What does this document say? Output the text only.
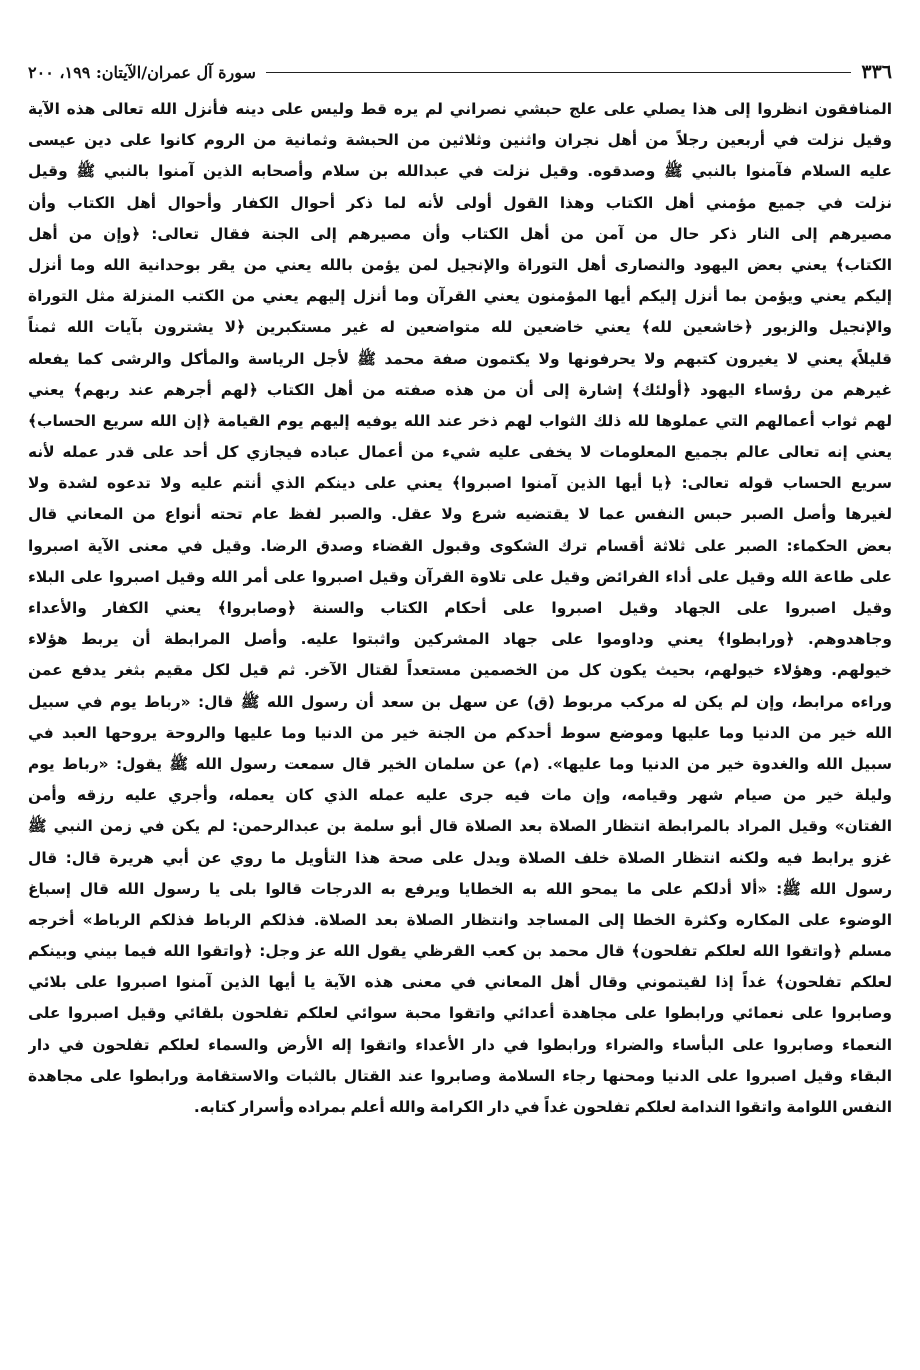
٣٣٦
سورة آل عمران/الآيتان: ١٩٩، ٢٠٠
المنافقون انظروا إلى هذا يصلي على علج حبشي نصراني لم يره قط وليس على دينه فأنزل الله تعالى هذه الآية
وقيل نزلت في أربعين رجلاً من أهل نجران واثنين وثلاثين من الحبشة وثمانية من الروم كانوا على دين عيسى
عليه السلام فآمنوا بالنبي ﷺ وصدقوه. وقيل نزلت في عبدالله بن سلام وأصحابه الذين آمنوا بالنبي ﷺ وقيل
نزلت في جميع مؤمني أهل الكتاب وهذا القول أولى لأنه لما ذكر أحوال الكفار وأحوال أهل الكتاب وأن
مصيرهم إلى النار ذكر حال من آمن من أهل الكتاب وأن مصيرهم إلى الجنة فقال تعالى: ﴿وإن من أهل
الكتاب﴾ يعني بعض اليهود والنصارى أهل التوراة والإنجيل لمن يؤمن بالله يعني من يقر بوحدانية الله وما أنزل
إليكم يعني ويؤمن بما أنزل إليكم أيها المؤمنون يعني القرآن وما أنزل إليهم يعني من الكتب المنزلة مثل التوراة
والإنجيل والزبور ﴿خاشعين لله﴾ يعني خاضعين لله متواضعين له غير مستكبرين ﴿لا يشترون بآيات الله ثمناً
قليلاً﴾ يعني لا يغيرون كتبهم ولا يحرفونها ولا يكتمون صفة محمد ﷺ لأجل الرياسة والمأكل والرشى كما يفعله
غيرهم من رؤساء اليهود ﴿أولئك﴾ إشارة إلى أن من هذه صفته من أهل الكتاب ﴿لهم أجرهم عند ربهم﴾ يعني
لهم ثواب أعمالهم التي عملوها لله ذلك الثواب لهم ذخر عند الله يوفيه إليهم يوم القيامة ﴿إن الله سريع الحساب﴾
يعني إنه تعالى عالم بجميع المعلومات لا يخفى عليه شيء من أعمال عباده فيجازي كل أحد على قدر عمله لأنه
سريع الحساب قوله تعالى: ﴿يا أيها الذين آمنوا اصبروا﴾ يعني على دينكم الذي أنتم عليه ولا تدعوه لشدة ولا
لغيرها وأصل الصبر حبس النفس عما لا يقتضيه شرع ولا عقل. والصبر لفظ عام تحته أنواع من المعاني قال
بعض الحكماء: الصبر على ثلاثة أقسام ترك الشكوى وقبول القضاء وصدق الرضا. وقيل في معنى الآية اصبروا
على طاعة الله وقيل على أداء الفرائض وقيل على تلاوة القرآن وقيل اصبروا على أمر الله وقيل اصبروا على البلاء
وقيل اصبروا على الجهاد وقيل اصبروا على أحكام الكتاب والسنة ﴿وصابروا﴾ يعني الكفار والأعداء
وجاهدوهم. ﴿ورابطوا﴾ يعني وداوموا على جهاد المشركين واثبتوا عليه. وأصل المرابطة أن يربط هؤلاء
خيولهم. وهؤلاء خيولهم، بحيث يكون كل من الخصمين مستعداً لقتال الآخر. ثم قيل لكل مقيم بثغر يدفع عمن
وراءه مرابط، وإن لم يكن له مركب مربوط (ق) عن سهل بن سعد أن رسول الله ﷺ قال: «رباط يوم في سبيل
الله خير من الدنيا وما عليها وموضع سوط أحدكم من الجنة خير من الدنيا وما عليها والروحة يروحها العبد في
سبيل الله والغدوة خير من الدنيا وما عليها». (م) عن سلمان الخير قال سمعت رسول الله ﷺ يقول: «رباط يوم
وليلة خير من صيام شهر وقيامه، وإن مات فيه جرى عليه عمله الذي كان يعمله، وأجري عليه رزقه وأمن
الفتان» وقيل المراد بالمرابطة انتظار الصلاة بعد الصلاة قال أبو سلمة بن عبدالرحمن: لم يكن في زمن النبي ﷺ
غزو يرابط فيه ولكنه انتظار الصلاة خلف الصلاة ويدل على صحة هذا التأويل ما روي عن أبي هريرة قال: قال
رسول الله ﷺ: «ألا أدلكم على ما يمحو الله به الخطايا ويرفع به الدرجات قالوا بلى يا رسول الله قال إسباغ
الوضوء على المكاره وكثرة الخطا إلى المساجد وانتظار الصلاة بعد الصلاة. فذلكم الرباط فذلكم الرباط» أخرجه
مسلم ﴿واتقوا الله لعلكم تفلحون﴾ قال محمد بن كعب القرظي يقول الله عز وجل: ﴿واتقوا الله فيما بيني وبينكم
لعلكم تفلحون﴾ غداً إذا لقيتموني وقال أهل المعاني في معنى هذه الآية يا أيها الذين آمنوا اصبروا على بلائي
وصابروا على نعمائي ورابطوا على مجاهدة أعدائي واتقوا محبة سوائي لعلكم تفلحون بلقائي وقيل اصبروا على
النعماء وصابروا على البأساء والضراء ورابطوا في دار الأعداء واتقوا إله الأرض والسماء لعلكم تفلحون في دار
البقاء وقيل اصبروا على الدنيا ومحنها رجاء السلامة وصابروا عند القتال بالثبات والاستقامة ورابطوا على مجاهدة
النفس اللوامة واتقوا الندامة لعلكم تفلحون غداً في دار الكرامة والله أعلم بمراده وأسرار كتابه.
